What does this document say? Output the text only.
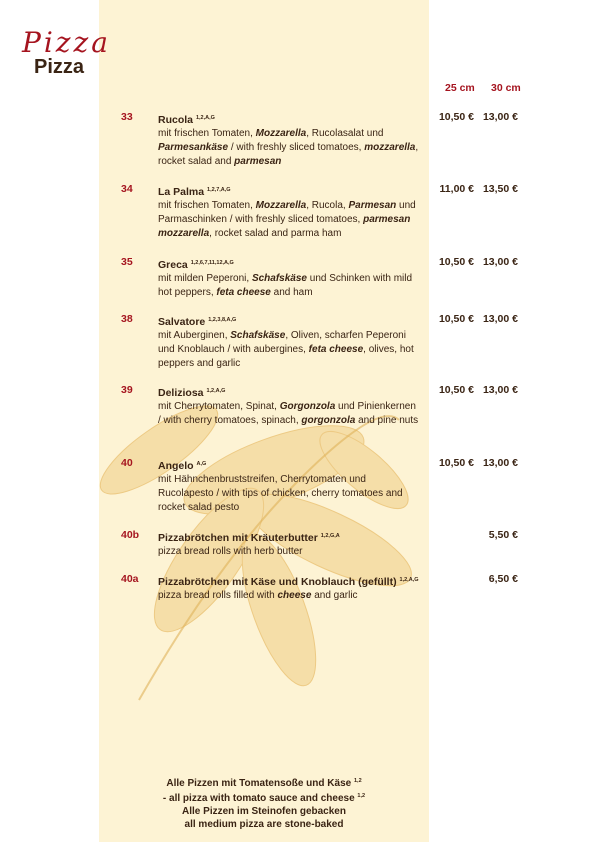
Pizza
Pizza
25 cm 30 cm
33 Rucola $^{1,2,A,G}$
mit frischen Tomaten, Mozzarella, Rucolasalat und Parmesankäse / with freshly sliced tomatoes, mozzarella, rocket salad and parmesan
10,50 € 13,00 €
34 La Palma $^{1,2,7,A,G}$
mit frischen Tomaten, Mozzarella, Rucola, Parmesan und Parmaschinken / with freshly sliced tomatoes, parmesan mozzarella, rocket salad and parma ham
11,00 € 13,50 €
35 Greca $^{1,2,6,7,11,12,A,G}$
mit milden Peperoni, Schafskäse und Schinken with mild hot peppers, feta cheese and ham
10,50 € 13,00 €
38 Salvatore $^{1,2,3,8,A,G}$
mit Auberginen, Schafskäse, Oliven, scharfen Peperoni und Knoblauch / with aubergines, feta cheese, olives, hot peppers and garlic
10,50 € 13,00 €
39 Deliziosa $^{1,2,A,G}$
mit Cherrytomaten, Spinat, Gorgonzola und Pinienkernen / with cherry tomatoes, spinach, gorgonzola and pine nuts
10,50 € 13,00 €
40 Angelo $^{A,G}$
mit Hähnchenbruststreifen, Cherrytomaten und Rucolapesto / with tips of chicken, cherry tomatoes and rocket salad pesto
10,50 € 13,00 €
40b Pizzabrötchen mit Kräuterbutter $^{1,2,G,A}$
pizza bread rolls with herb butter
5,50 €
40a Pizzabrötchen mit Käse und Knoblauch (gefüllt) $^{1,2,A,G}$
pizza bread rolls filled with cheese and garlic
6,50 €
Alle Pizzen mit Tomatensoße und Käse $^{1,2}$
- all pizza with tomato sauce and cheese $^{1,2}$
Alle Pizzen im Steinofen gebacken
all medium pizza are stone-baked
